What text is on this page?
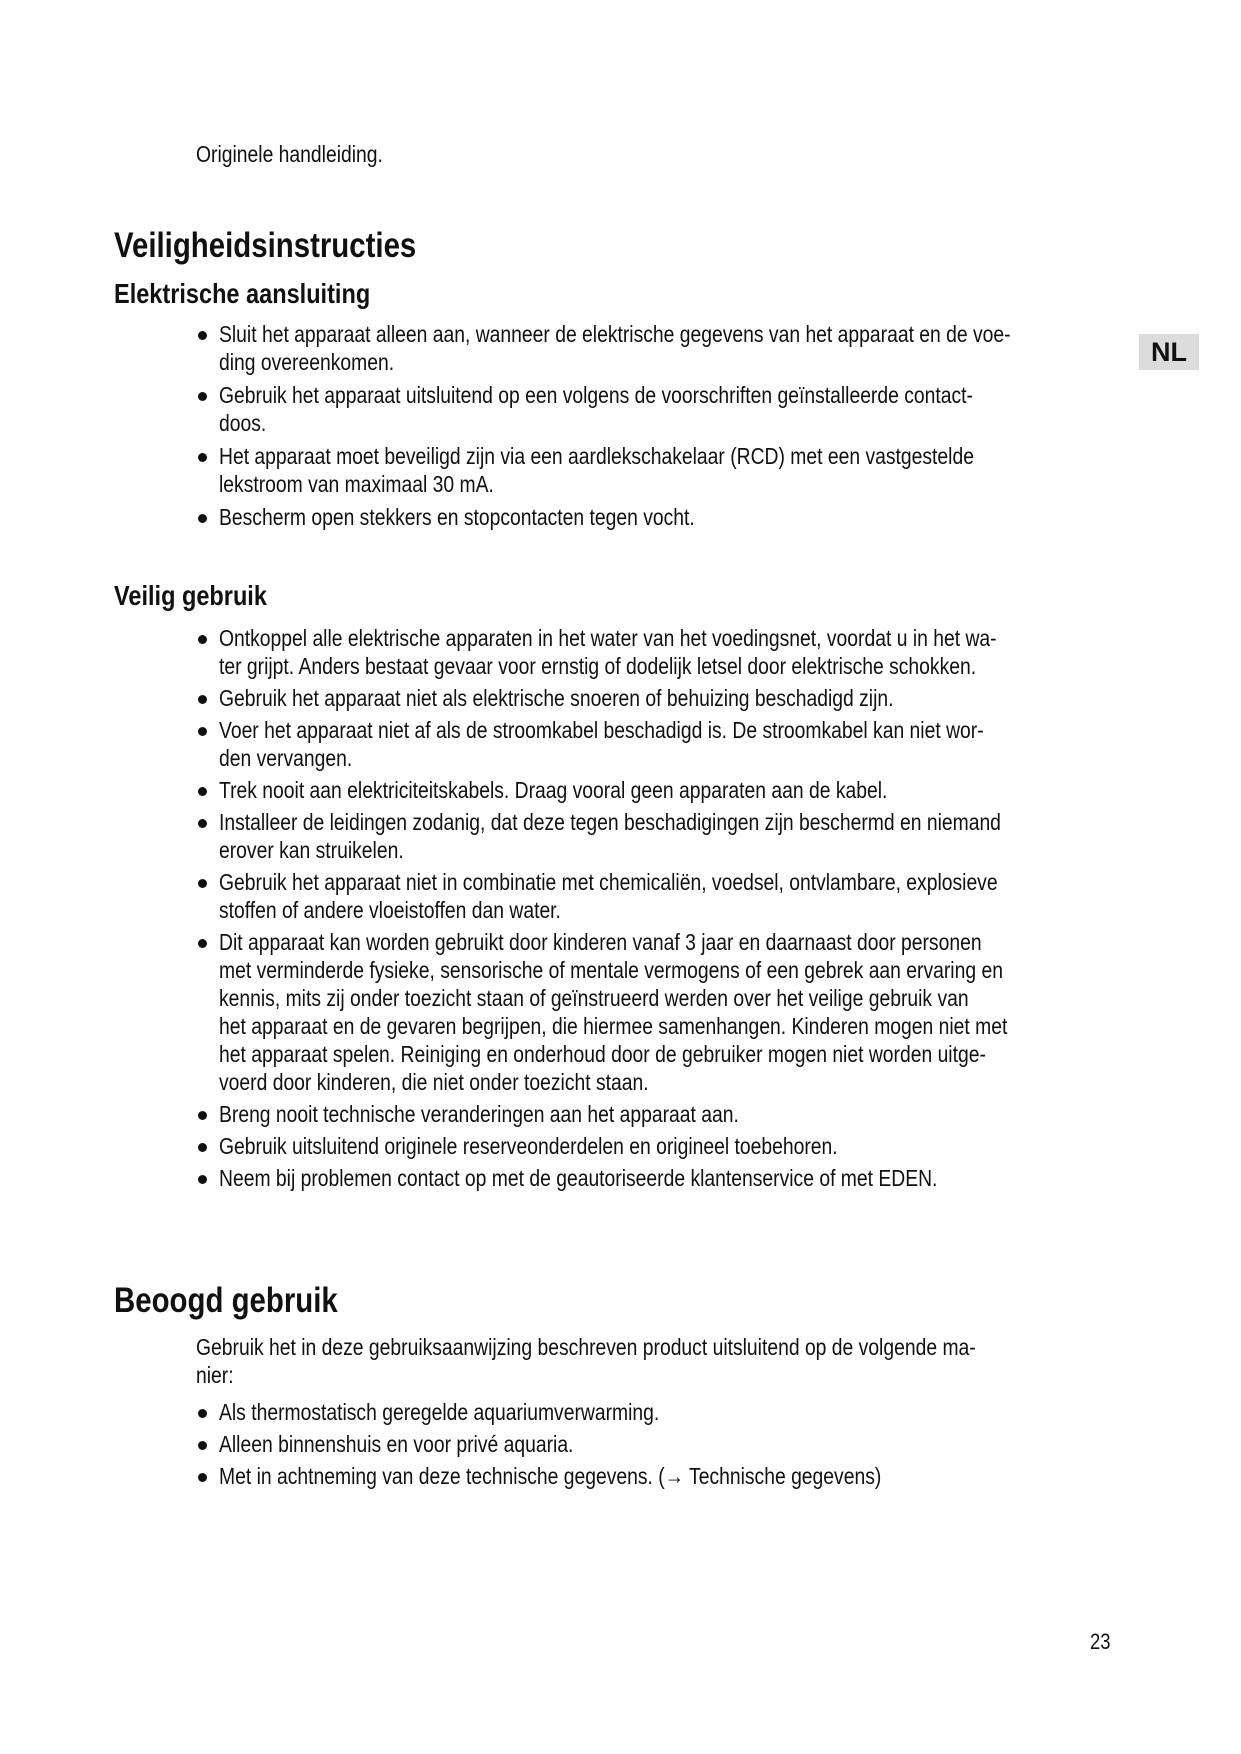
Originele handleiding.
NL
Veiligheidsinstructies
Elektrische aansluiting
Sluit het apparaat alleen aan, wanneer de elektrische gegevens van het apparaat en de voe-
ding overeenkomen.
Gebruik het apparaat uitsluitend op een volgens de voorschriften geïnstalleerde contact-
doos.
Het apparaat moet beveiligd zijn via een aardlekschakelaar (RCD) met een vastgestelde
lekstroom van maximaal 30 mA.
Bescherm open stekkers en stopcontacten tegen vocht.
Veilig gebruik
Ontkoppel alle elektrische apparaten in het water van het voedingsnet, voordat u in het wa-
ter grijpt. Anders bestaat gevaar voor ernstig of dodelijk letsel door elektrische schokken.
Gebruik het apparaat niet als elektrische snoeren of behuizing beschadigd zijn.
Voer het apparaat niet af als de stroomkabel beschadigd is. De stroomkabel kan niet wor-
den vervangen.
Trek nooit aan elektriciteitskabels. Draag vooral geen apparaten aan de kabel.
Installeer de leidingen zodanig, dat deze tegen beschadigingen zijn beschermd en niemand
erover kan struikelen.
Gebruik het apparaat niet in combinatie met chemicaliën, voedsel, ontvlambare, explosieve
stoffen of andere vloeistoffen dan water.
Dit apparaat kan worden gebruikt door kinderen vanaf 3 jaar en daarnaast door personen
met verminderde fysieke, sensorische of mentale vermogens of een gebrek aan ervaring en
kennis, mits zij onder toezicht staan of geïnstrueerd werden over het veilige gebruik van
het apparaat en de gevaren begrijpen, die hiermee samenhangen. Kinderen mogen niet met
het apparaat spelen. Reiniging en onderhoud door de gebruiker mogen niet worden uitge-
voerd door kinderen, die niet onder toezicht staan.
Breng nooit technische veranderingen aan het apparaat aan.
Gebruik uitsluitend originele reserveonderdelen en origineel toebehoren.
Neem bij problemen contact op met de geautoriseerde klantenservice of met EDEN.
Beoogd gebruik
Gebruik het in deze gebruiksaanwijzing beschreven product uitsluitend op de volgende ma-
nier:
Als thermostatisch geregelde aquariumverwarming.
Alleen binnenshuis en voor privé aquaria.
Met in achtneming van deze technische gegevens. (→ Technische gegevens)
23
